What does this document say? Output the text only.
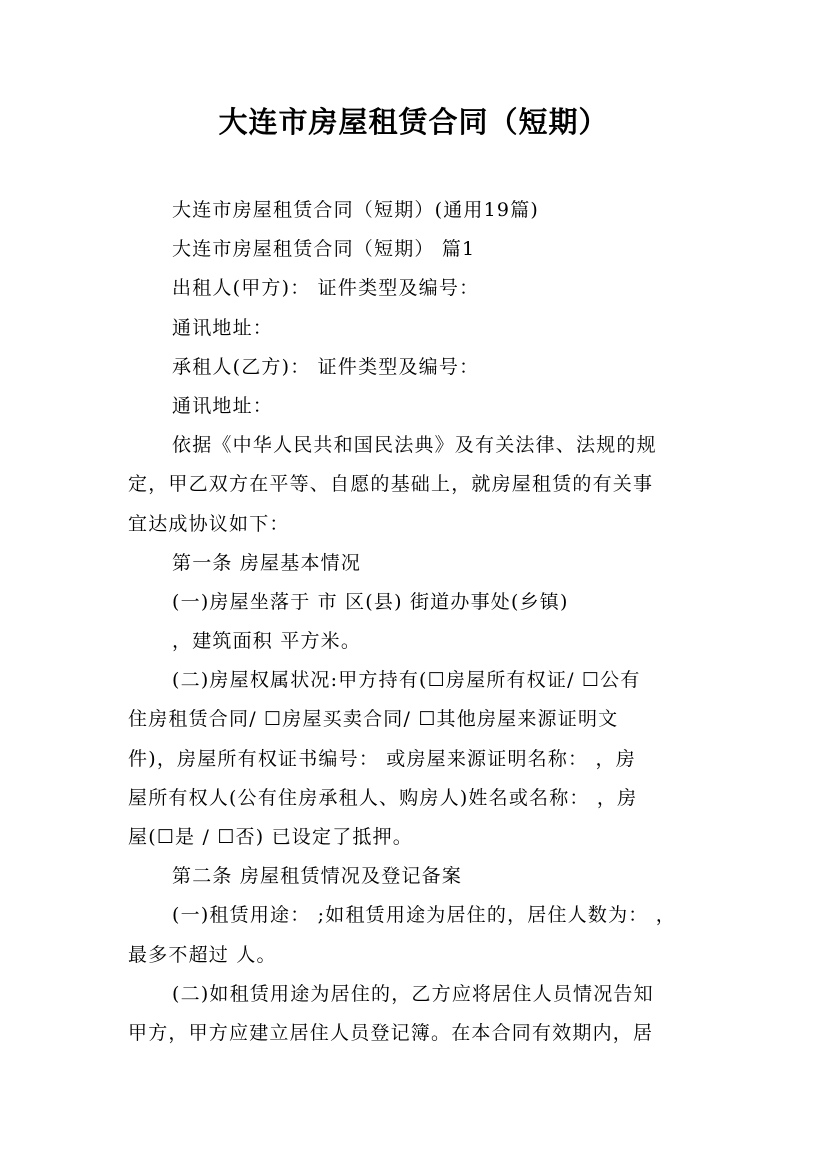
大连市房屋租赁合同（短期）
大连市房屋租赁合同（短期）(通用19篇)
大连市房屋租赁合同（短期） 篇1
出租人(甲方)： 证件类型及编号：
通讯地址：
承租人(乙方)： 证件类型及编号：
通讯地址：
依据《中华人民共和国民法典》及有关法律、法规的规
定，甲乙双方在平等、自愿的基础上，就房屋租赁的有关事
宜达成协议如下：
第一条 房屋基本情况
(一)房屋坐落于 市 区(县) 街道办事处(乡镇)
，建筑面积 平方米。
(二)房屋权属状况:甲方持有(☐房屋所有权证/ ☐公有
住房租赁合同/ ☐房屋买卖合同/ ☐其他房屋来源证明文
件)，房屋所有权证书编号： 或房屋来源证明名称： ，房
屋所有权人(公有住房承租人、购房人)姓名或名称： ，房
屋(☐是 / ☐否) 已设定了抵押。
第二条 房屋租赁情况及登记备案
(一)租赁用途： ;如租赁用途为居住的，居住人数为： ，
最多不超过 人。
(二)如租赁用途为居住的，乙方应将居住人员情况告知
甲方，甲方应建立居住人员登记簿。在本合同有效期内，居
